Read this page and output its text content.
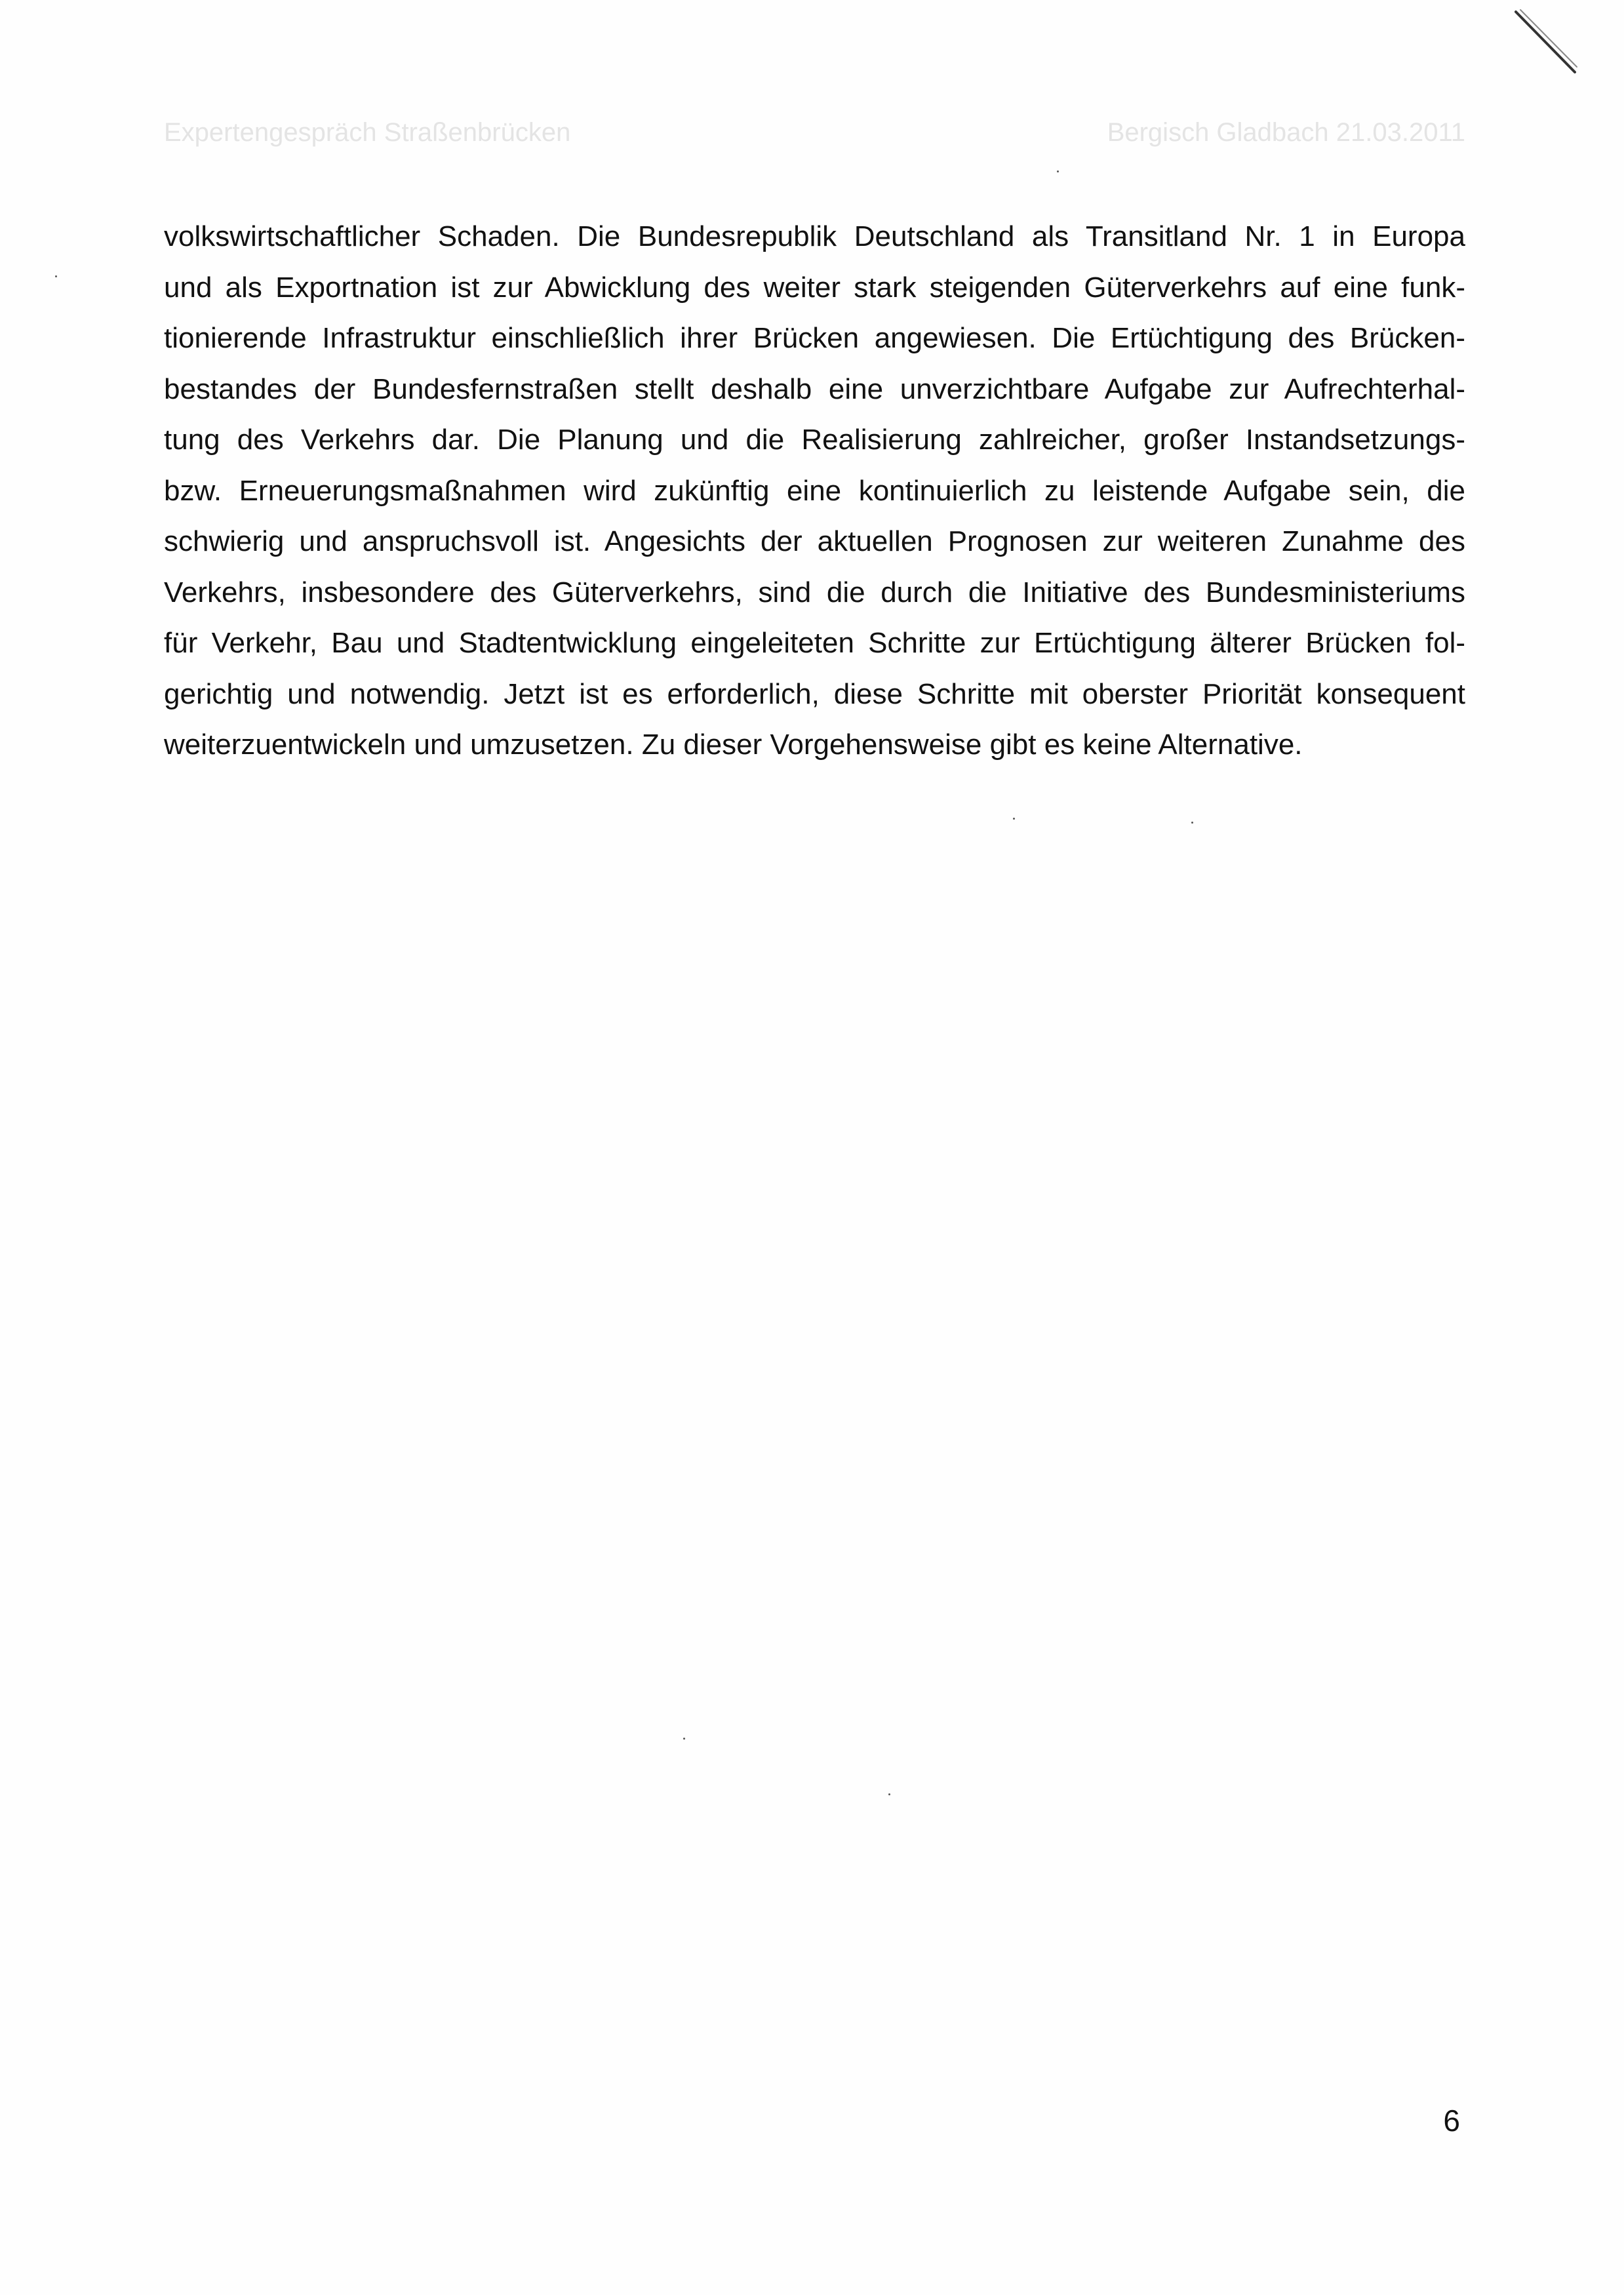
Expertengespräch Straßenbrücken	Bergisch Gladbach 21.03.2011
volkswirtschaftlicher Schaden. Die Bundesrepublik Deutschland als Transitland Nr. 1 in Europa
und als Exportnation ist zur Abwicklung des weiter stark steigenden Güterverkehrs auf eine funk-
tionierende Infrastruktur einschließlich ihrer Brücken angewiesen. Die Ertüchtigung des Brücken-
bestandes der Bundesfernstraßen stellt deshalb eine unverzichtbare Aufgabe zur Aufrechterhal-
tung des Verkehrs dar. Die Planung und die Realisierung zahlreicher, großer Instandsetzungs-
bzw. Erneuerungsmaßnahmen wird zukünftig eine kontinuierlich zu leistende Aufgabe sein, die
schwierig und anspruchsvoll ist. Angesichts der aktuellen Prognosen zur weiteren Zunahme des
Verkehrs, insbesondere des Güterverkehrs, sind die durch die Initiative des Bundesministeriums
für Verkehr, Bau und Stadtentwicklung eingeleiteten Schritte zur Ertüchtigung älterer Brücken fol-
gerichtig und notwendig. Jetzt ist es erforderlich, diese Schritte mit oberster Priorität konsequent
weiterzuentwickeln und umzusetzen. Zu dieser Vorgehensweise gibt es keine Alternative.
6
